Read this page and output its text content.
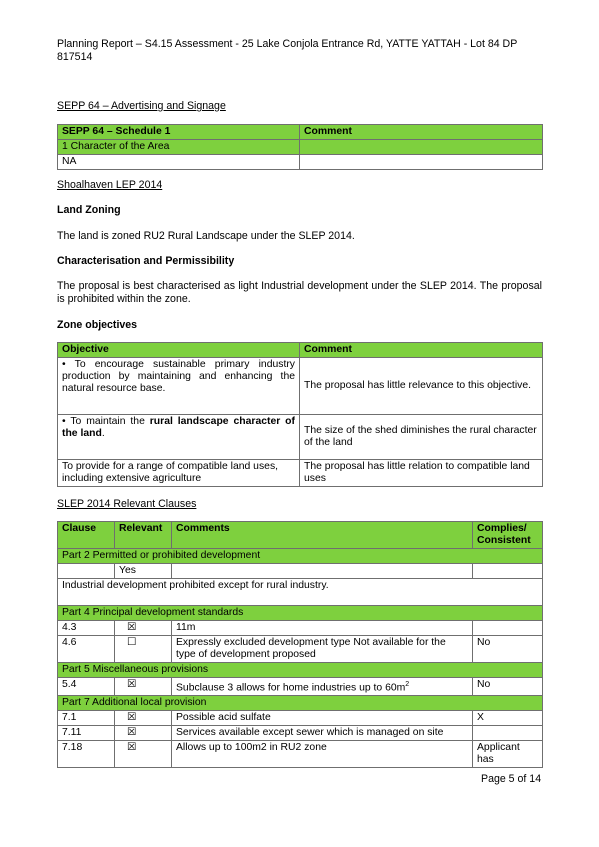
Planning Report – S4.15 Assessment - 25 Lake Conjola Entrance Rd, YATTE YATTAH - Lot 84 DP 817514
SEPP 64 – Advertising and Signage
SEPP 64 – Schedule 1	Comment
1 Character of the Area	
NA	
Shoalhaven LEP 2014
Land Zoning
The land is zoned RU2 Rural Landscape under the SLEP 2014.
Characterisation and Permissibility
The proposal is best characterised as light Industrial development under the SLEP 2014. The proposal is prohibited within the zone.
Zone objectives
Objective	Comment
• To encourage sustainable primary industry production by maintaining and enhancing the natural resource base.	The proposal has little relevance to this objective.
• To maintain the rural landscape character of the land.	The size of the shed diminishes the rural character of the land
To provide for a range of compatible land uses, including extensive agriculture	The proposal has little relation to compatible land uses
SLEP 2014 Relevant Clauses
Clause	Relevant	Comments	Complies/ Consistent
Part 2 Permitted or prohibited development			
	Yes		
Industrial development prohibited except for rural industry.			
Part 4 Principal development standards			
4.3	☒	11m	
4.6	☐	Expressly excluded development type Not available for the type of development proposed	No
Part 5 Miscellaneous provisions			
5.4	☒	Subclause 3 allows for home industries up to $60m^2$	No
Part 7 Additional local provision			
7.1	☒	Possible acid sulfate	X
7.11	☒	Services available except sewer which is managed on site	
7.18	☒	Allows up to 100m2 in RU2 zone	Applicant has
Page 5 of 14
